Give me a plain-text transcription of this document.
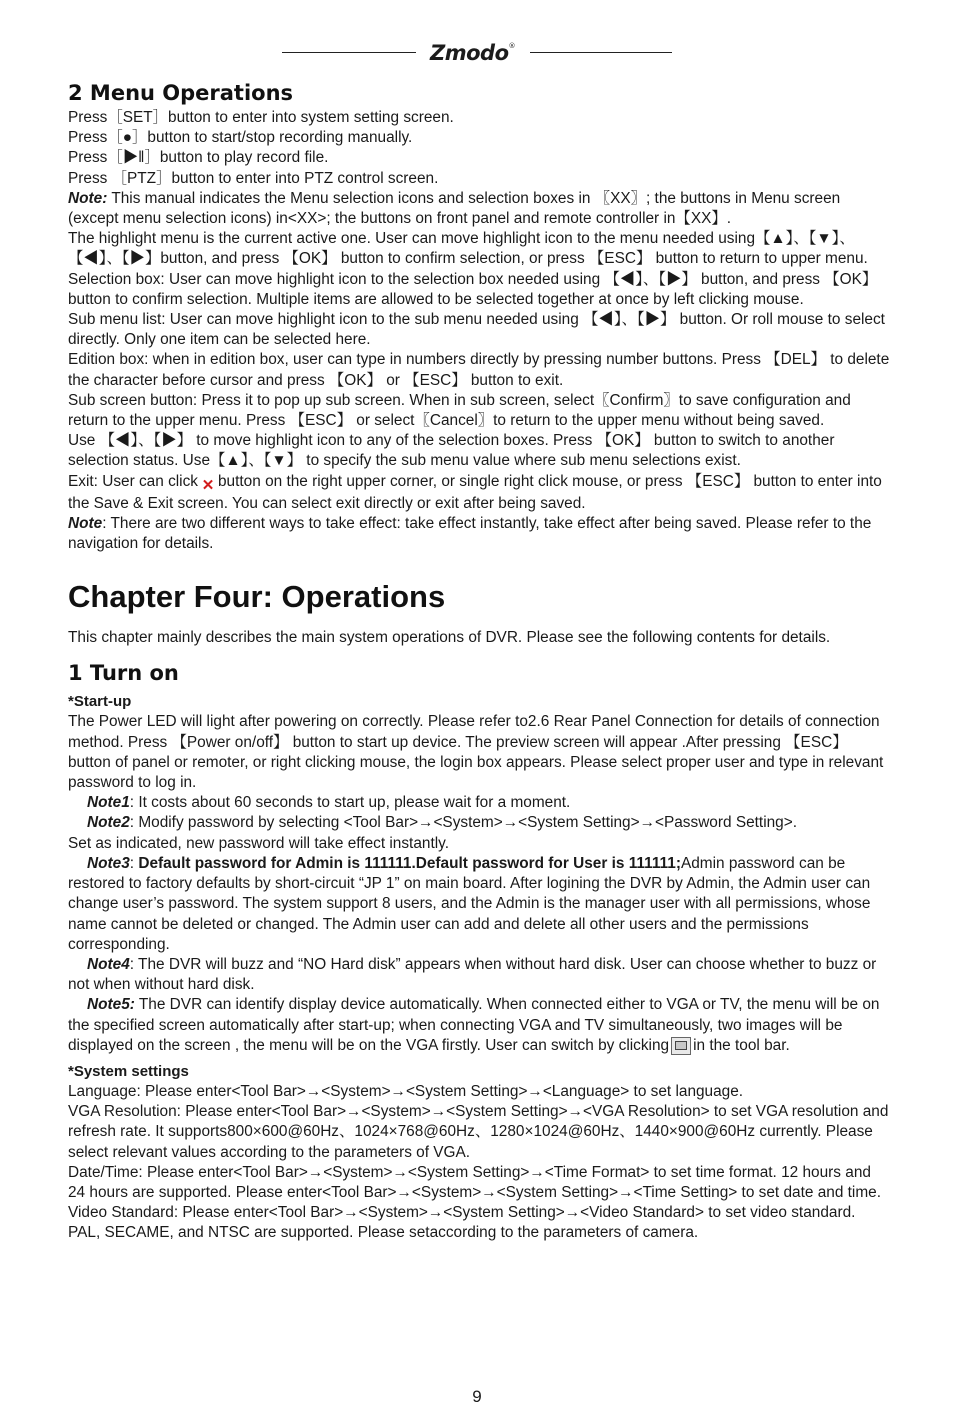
Zmodo®
2 Menu Operations

Press［SET］button to enter into system setting screen.

Press［●］button to start/stop recording manually.

Press［▶‖］button to play record file.

Press ［PTZ］button to enter into PTZ control screen.

Note: This manual indicates the Menu selection icons and selection boxes in 〖XX〗; the buttons in Menu screen (except menu selection icons) in<XX>; the buttons on front panel and remote controller in【XX】.

The highlight menu is the current active one. User can move highlight icon to the menu needed using【▲】、【▼】、【◀】、【▶】button, and press 【OK】 button to confirm selection, or press 【ESC】 button to return to upper menu.

Selection box: User can move highlight icon to the selection box needed using 【◀】、【▶】 button, and press 【OK】 button to confirm selection. Multiple items are allowed to be selected together at once by left clicking mouse.

Sub menu list: User can move highlight icon to the sub menu needed using 【◀】、【▶】 button. Or roll mouse to select directly. Only one item can be selected here.

Edition box: when in edition box, user can type in numbers directly by pressing number buttons. Press 【DEL】 to delete the character before cursor and press 【OK】 or 【ESC】 button to exit.

Sub screen button: Press it to pop up sub screen. When in sub screen, select〖Confirm〗to save configuration and return to the upper menu. Press 【ESC】 or select〖Cancel〗to return to the upper menu without being saved.

Use 【◀】、【▶】 to move highlight icon to any of the selection boxes. Press 【OK】 button to switch to another selection status. Use【▲】、【▼】 to specify the sub menu value where sub menu selections exist.

Exit: User can click ✕ button on the right upper corner, or single right click mouse, or press 【ESC】 button to enter into the Save & Exit screen. You can select exit directly or exit after being saved.

Note: There are two different ways to take effect: take effect instantly, take effect after being saved. Please refer to the navigation for details.

Chapter Four: Operations

This chapter mainly describes the main system operations of DVR. Please see the following contents for details.

1 Turn on

*Start-up

The Power LED will light after powering on correctly. Please refer to2.6 Rear Panel Connection for details of connection method. Press 【Power on/off】 button to start up device. The preview screen will appear .After pressing 【ESC】 button of panel or remoter, or right clicking mouse, the login box appears. Please select proper user and type in relevant password to log in.

Note1: It costs about 60 seconds to start up, please wait for a moment.

Note2: Modify password by selecting <Tool Bar>→<System>→<System Setting>→<Password Setting>.

Set as indicated, new password will take effect instantly.

Note3: Default password for Admin is 111111.Default password for User is 111111;Admin password can be restored to factory defaults by short-circuit “JP 1” on main board. After logining the DVR by Admin, the Admin user can change user’s password. The system support 8 users, and the Admin is the manager user with all permissions, whose name cannot be deleted or changed. The Admin user can add and delete all other users and the permissions corresponding.

Note4: The DVR will buzz and “NO Hard disk” appears when without hard disk. User can choose whether to buzz or not when without hard disk.

Note5: The DVR can identify display device automatically. When connected either to VGA or TV, the menu will be on the specified screen automatically after start-up; when connecting VGA and TV simultaneously, two images will be displayed on the screen , the menu will be on the VGA firstly. User can switch by clicking in the tool bar.

*System settings

Language: Please enter<Tool Bar>→<System>→<System Setting>→<Language> to set language.

VGA Resolution: Please enter<Tool Bar>→<System>→<System Setting>→<VGA Resolution> to set VGA resolution and refresh rate. It supports800×600@60Hz、1024×768@60Hz、1280×1024@60Hz、1440×900@60Hz currently. Please select relevant values according to the parameters of VGA.

Date/Time: Please enter<Tool Bar>→<System>→<System Setting>→<Time Format> to set time format. 12 hours and 24 hours are supported. Please enter<Tool Bar>→<System>→<System Setting>→<Time Setting> to set date and time.

Video Standard: Please enter<Tool Bar>→<System>→<System Setting>→<Video Standard> to set video standard. PAL, SECAME, and NTSC are supported. Please setaccording to the parameters of camera.

9
